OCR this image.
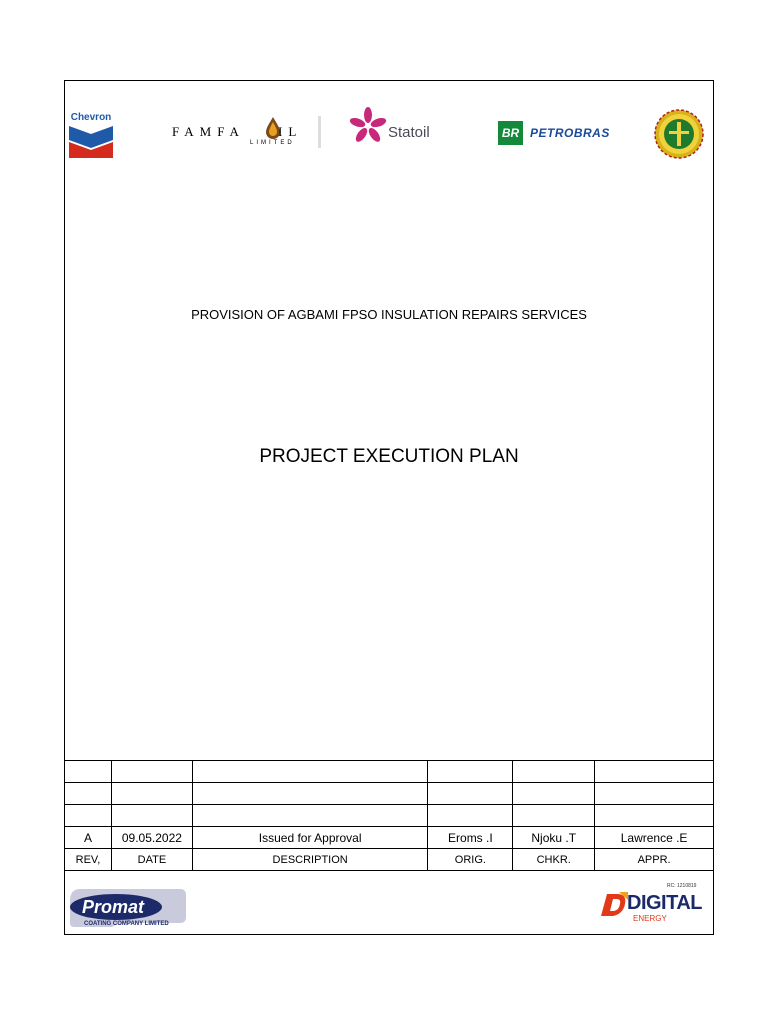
Chevron
FAMFA	IL
LIMITED
Statoil	BR PETROBRAS
PROVISION OF AGBAMI FPSO INSULATION REPAIRS SERVICES
PROJECT EXECUTION PLAN

A	09.05.2022	Issued for Approval	Eroms .I	Njoku .T	Lawrence .E
REV,	DATE	DESCRIPTION	ORIG.	CHKR.	APPR.
Promat
COATING COMPANY LIMITED
RC: 1210819
DIGITAL
ENERGY
